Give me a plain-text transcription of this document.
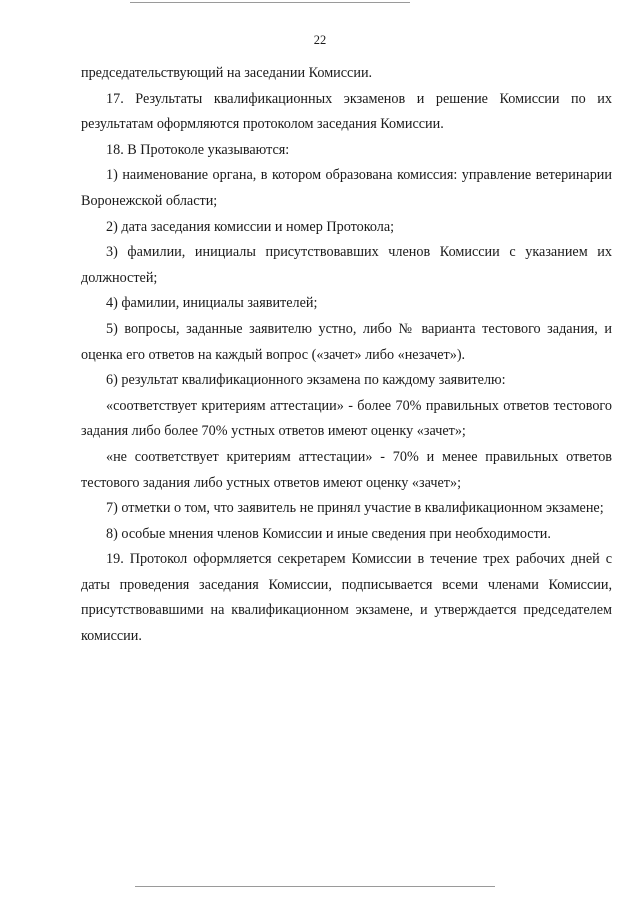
22

председательствующий на заседании Комиссии.

17. Результаты квалификационных экзаменов и решение Комиссии по их результатам оформляются протоколом заседания Комиссии.

18. В Протоколе указываются:

1) наименование органа, в котором образована комиссия: управление ветеринарии Воронежской области;

2) дата заседания комиссии и номер Протокола;

3) фамилии, инициалы присутствовавших членов Комиссии с указанием их должностей;

4) фамилии, инициалы заявителей;

5) вопросы, заданные заявителю устно, либо № варианта тестового задания, и оценка его ответов на каждый вопрос («зачет» либо «незачет»).

6) результат квалификационного экзамена по каждому заявителю:

«соответствует критериям аттестации» - более 70% правильных ответов тестового задания либо более 70% устных ответов имеют оценку «зачет»;

«не соответствует критериям аттестации» - 70% и менее правильных ответов тестового задания либо устных ответов имеют оценку «зачет»;

7) отметки о том, что заявитель не принял участие в квалификационном экзамене;

8) особые мнения членов Комиссии и иные сведения при необходимости.

19. Протокол оформляется секретарем Комиссии в течение трех рабочих дней с даты проведения заседания Комиссии, подписывается всеми членами Комиссии, присутствовавшими на квалификационном экзамене, и утверждается председателем комиссии.
